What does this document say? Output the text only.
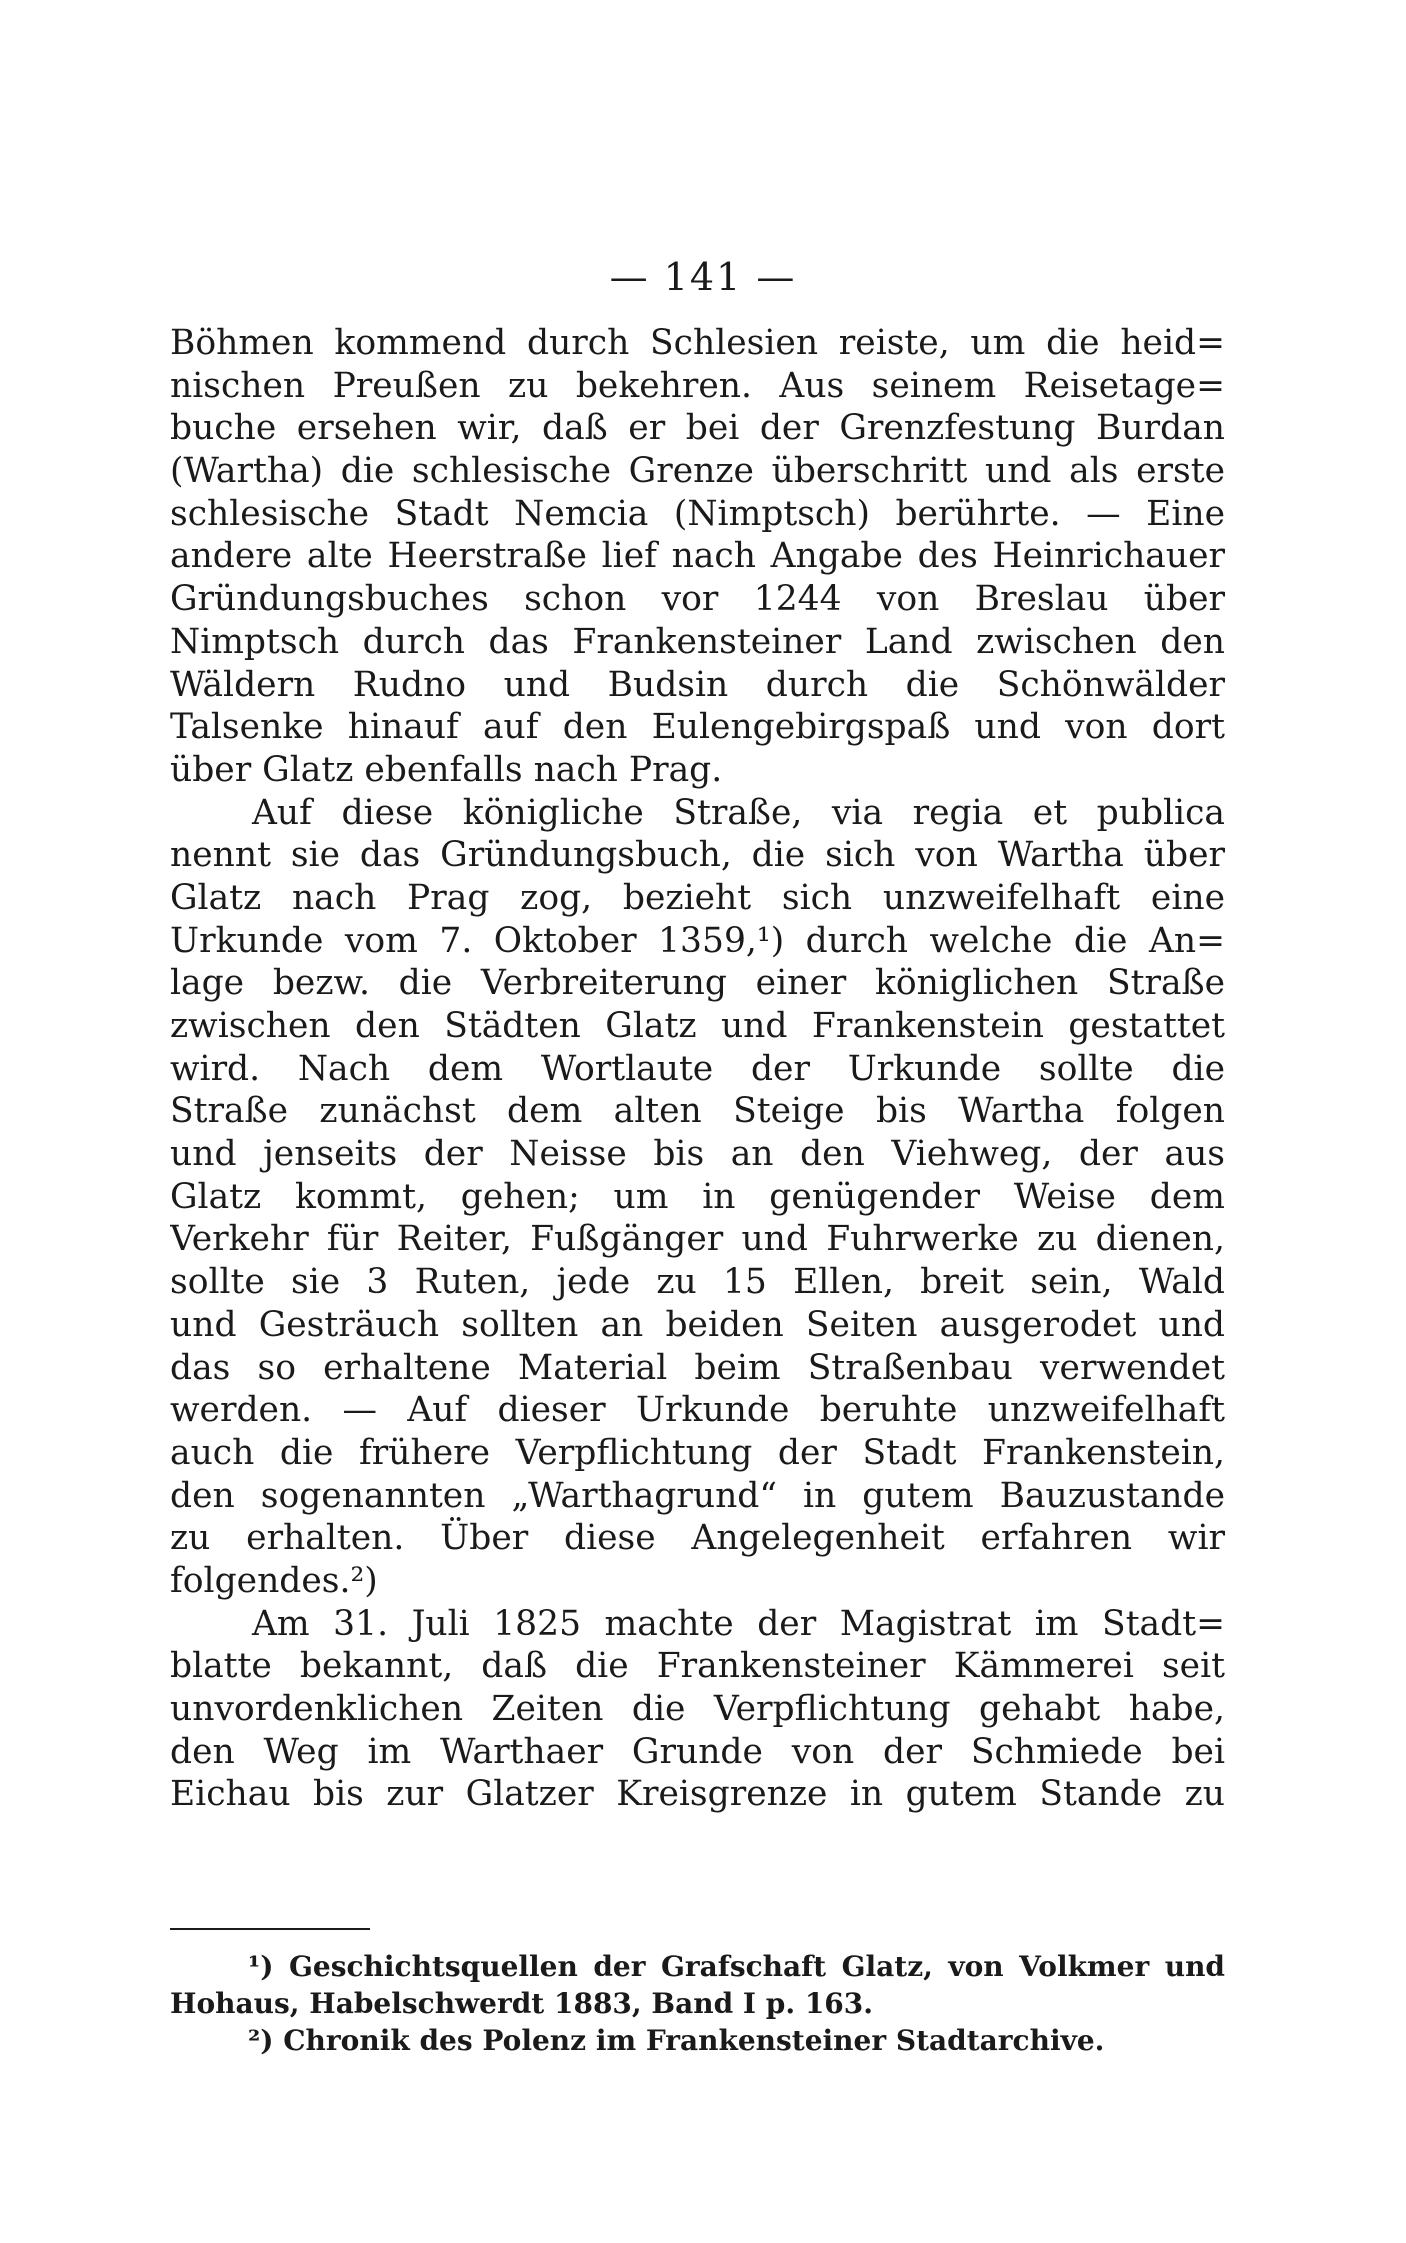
— 141 —
Böhmen kommend durch Schlesien reiste, um die heid=
nischen Preußen zu bekehren. Aus seinem Reisetage=
buche ersehen wir, daß er bei der Grenzfestung Burdan
(Wartha) die schlesische Grenze überschritt und als erste
schlesische Stadt Nemcia (Nimptsch) berührte. — Eine
andere alte Heerstraße lief nach Angabe des Heinrichauer
Gründungsbuches schon vor 1244 von Breslau über
Nimptsch durch das Frankensteiner Land zwischen den
Wäldern Rudno und Budsin durch die Schönwälder
Talsenke hinauf auf den Eulengebirgspaß und von dort
über Glatz ebenfalls nach Prag.
Auf diese königliche Straße, via regia et publica
nennt sie das Gründungsbuch, die sich von Wartha über
Glatz nach Prag zog, bezieht sich unzweifelhaft eine
Urkunde vom 7. Oktober 1359,¹) durch welche die An=
lage bezw. die Verbreiterung einer königlichen Straße
zwischen den Städten Glatz und Frankenstein gestattet
wird. Nach dem Wortlaute der Urkunde sollte die
Straße zunächst dem alten Steige bis Wartha folgen
und jenseits der Neisse bis an den Viehweg, der aus
Glatz kommt, gehen; um in genügender Weise dem
Verkehr für Reiter, Fußgänger und Fuhrwerke zu dienen,
sollte sie 3 Ruten, jede zu 15 Ellen, breit sein, Wald
und Gesträuch sollten an beiden Seiten ausgerodet und
das so erhaltene Material beim Straßenbau verwendet
werden. — Auf dieser Urkunde beruhte unzweifelhaft
auch die frühere Verpflichtung der Stadt Frankenstein,
den sogenannten „Warthagrund“ in gutem Bauzustande
zu erhalten. Über diese Angelegenheit erfahren wir
folgendes.²)
Am 31. Juli 1825 machte der Magistrat im Stadt=
blatte bekannt, daß die Frankensteiner Kämmerei seit
unvordenklichen Zeiten die Verpflichtung gehabt habe,
den Weg im Warthaer Grunde von der Schmiede bei
Eichau bis zur Glatzer Kreisgrenze in gutem Stande zu
¹) Geschichtsquellen der Grafschaft Glatz, von Volkmer und
Hohaus, Habelschwerdt 1883, Band I p. 163.
²) Chronik des Polenz im Frankensteiner Stadtarchive.
